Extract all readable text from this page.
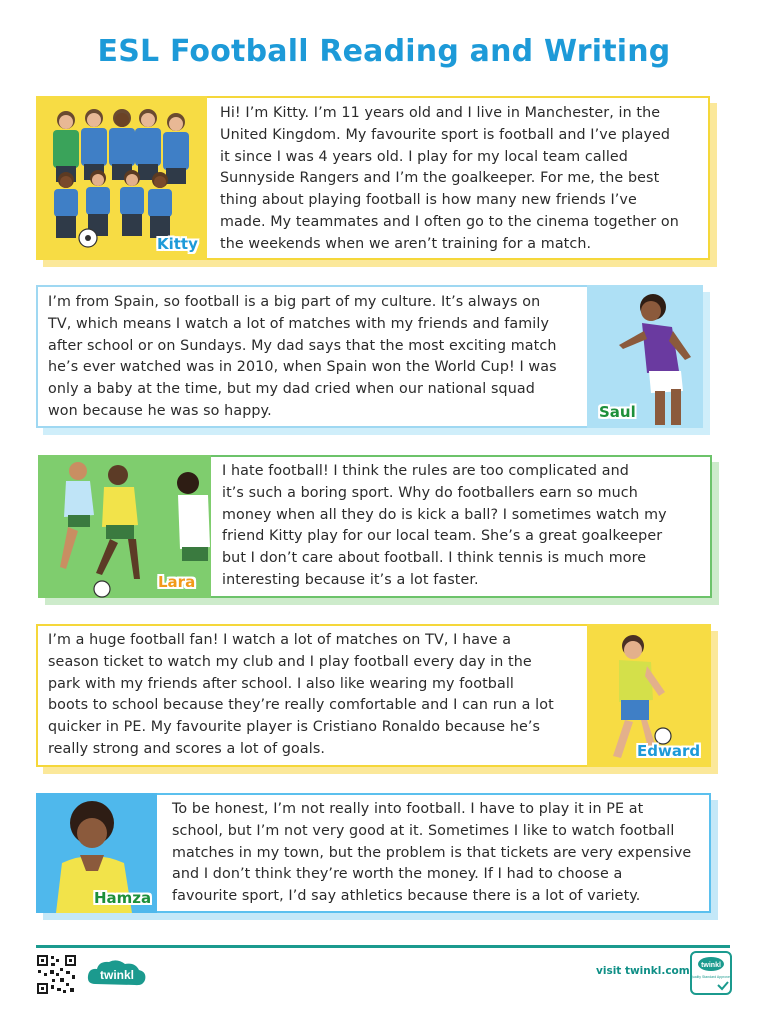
ESL Football Reading and Writing
Kitty
Hi! I’m Kitty. I’m 11 years old and I live in Manchester, in the
United Kingdom. My favourite sport is football and I’ve played
it since I was 4 years old. I play for my local team called
Sunnyside Rangers and I’m the goalkeeper. For me, the best
thing about playing football is how many new friends I’ve
made. My teammates and I often go to the cinema together on
the weekends when we aren’t training for a match.
I’m from Spain, so football is a big part of my culture. It’s always on
TV, which means I watch a lot of matches with my friends and family
after school or on Sundays. My dad says that the most exciting match
he’s ever watched was in 2010, when Spain won the World Cup! I was
only a baby at the time, but my dad cried when our national squad
won because he was so happy.	Saul
Lara
I hate football! I think the rules are too complicated and
it’s such a boring sport. Why do footballers earn so much
money when all they do is kick a ball? I sometimes watch my
friend Kitty play for our local team. She’s a great goalkeeper
but I don’t care about football. I think tennis is much more
interesting because it’s a lot faster.
I’m a huge football fan! I watch a lot of matches on TV, I have a
season ticket to watch my club and I play football every day in the
park with my friends after school. I also like wearing my football
boots to school because they’re really comfortable and I can run a lot
quicker in PE. My favourite player is Cristiano Ronaldo because he’s
really strong and scores a lot of goals.	Edward
Hamza
To be honest, I’m not really into football. I have to play it in PE at
school, but I’m not very good at it. Sometimes I like to watch football
matches in my town, but the problem is that tickets are very expensive
and I don’t think they’re worth the money. If I had to choose a
favourite sport, I’d say athletics because there is a lot of variety.
twinkl	visit twinkl.com twinkl
Quality Standard Approved
